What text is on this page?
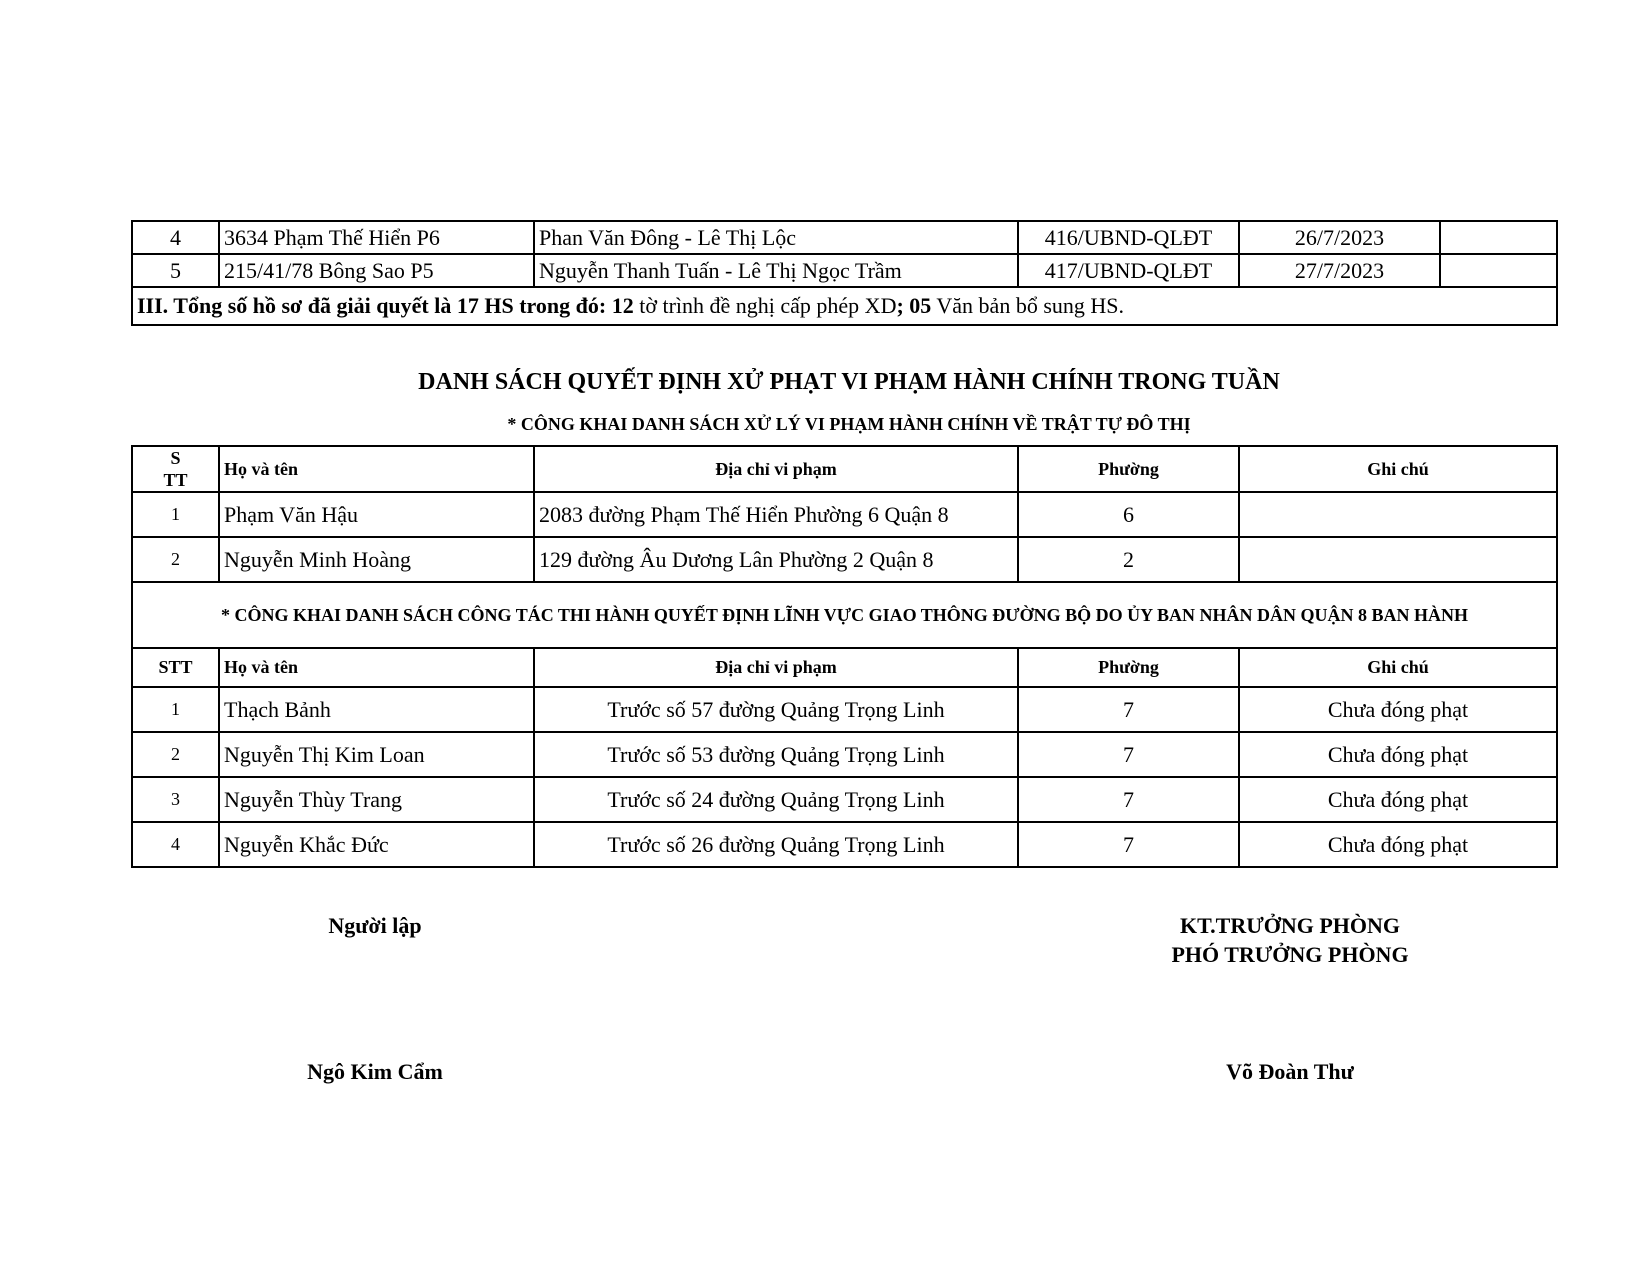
4	3634 Phạm Thế Hiển P6	Phan Văn Đông - Lê Thị Lộc	416/UBND-QLĐT	26/7/2023	
5	215/41/78 Bông Sao P5	Nguyễn Thanh Tuấn - Lê Thị Ngọc Trầm	417/UBND-QLĐT	27/7/2023	
III. Tổng số hồ sơ đã giải quyết là 17 HS trong đó: 12 tờ trình đề nghị cấp phép XD; 05 Văn bản bổ sung HS.					
DANH SÁCH QUYẾT ĐỊNH XỬ PHẠT VI PHẠM HÀNH CHÍNH TRONG TUẦN
* CÔNG KHAI DANH SÁCH XỬ LÝ VI PHẠM HÀNH CHÍNH VỀ TRẬT TỰ ĐÔ THỊ
S
TT	Họ và tên	Địa chỉ vi phạm	Phường	Ghi chú
1	Phạm Văn Hậu	2083 đường Phạm Thế Hiển Phường 6 Quận 8	6	
2	Nguyễn Minh Hoàng	129 đường Âu Dương Lân Phường 2 Quận 8	2	
* CÔNG KHAI DANH SÁCH CÔNG TÁC THI HÀNH QUYẾT ĐỊNH LĨNH VỰC GIAO THÔNG ĐƯỜNG BỘ DO ỦY BAN NHÂN DÂN QUẬN 8 BAN HÀNH				
STT	Họ và tên	Địa chỉ vi phạm	Phường	Ghi chú
1	Thạch Bảnh	Trước số 57 đường Quảng Trọng Linh	7	Chưa đóng phạt
2	Nguyễn Thị Kim Loan	Trước số 53 đường Quảng Trọng Linh	7	Chưa đóng phạt
3	Nguyễn Thùy Trang	Trước số 24 đường Quảng Trọng Linh	7	Chưa đóng phạt
4	Nguyễn Khắc Đức	Trước số 26 đường Quảng Trọng Linh	7	Chưa đóng phạt
Người lập
Ngô Kim Cẩm
KT.TRƯỞNG PHÒNG
PHÓ TRƯỞNG PHÒNG
Võ Đoàn Thư
